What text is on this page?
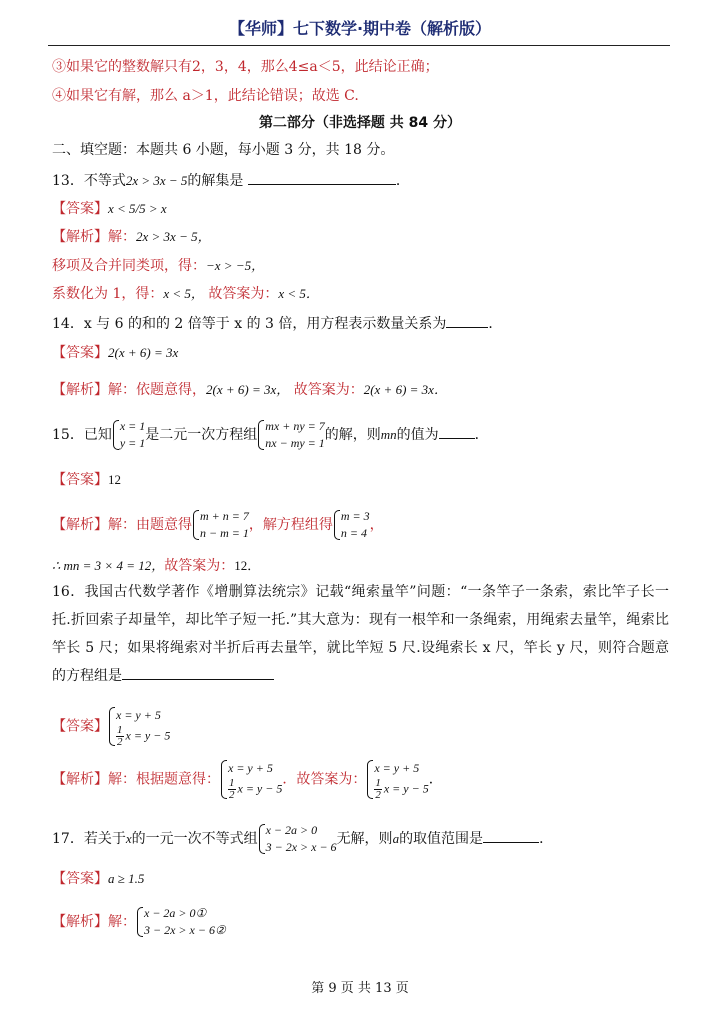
【华师】七下数学·期中卷（解析版）
③如果它的整数解只有2，3，4，那么4≤a＜5，此结论正确；
④如果它有解，那么 a＞1，此结论错误；故选 C.
第二部分（非选择题 共 84 分）
二、填空题：本题共 6 小题，每小题 3 分，共 18 分。
13．不等式2x > 3x − 5的解集是	．
【答案】x < 5/5 > x
【解析】解：2x > 3x − 5，
移项及合并同类项，得：−x > −5，
系数化为 1，得：x < 5， 故答案为：x < 5．
14．x 与 6 的和的 2 倍等于 x 的 3 倍，用方程表示数量关系为	．
【答案】2(x + 6) = 3x
【解析】解：依题意得，2(x + 6) = 3x， 故答案为：2(x + 6) = 3x．
15．已知
x = 1
y = 1 是二元一次方程组
mx + ny = 7
nx − my = 1 的解，则mn的值为	．
【答案】12
【解析】解：由题意得
m + n = 7
n − m = 1 ，解方程组得
m = 3
n = 4 ，
∴ mn = 3 × 4 = 12，故答案为：12．
16．我国古代数学著作《增删算法统宗》记载“绳索量竿”问题：“一条竿子一条索，索比竿子长一托.折回索子却量竿，却比竿子短一托.”其大意为：现有一根竿和一条绳索，用绳索去量竿，绳索比竿长 5 尺；如果将绳索对半折后再去量竿，就比竿短 5 尺.设绳索长 x 尺，竿长 y 尺，则符合题意的方程组是
【答案】
x = y + 5
$\frac{1}{2}$ x = y − 5
【解析】解：根据题意得：
x = y + 5
$\frac{1}{2}$ x = y − 5
．故答案为：
x = y + 5
$\frac{1}{2}$ x = y − 5
．
17．若关于x的一元一次不等式组
x − 2a > 0
3 − 2x > x − 6 无解，则a的取值范围是	．
【答案】a ≥ 1.5
【解析】解：
x − 2a > 0①
3 − 2x > x − 6②
第 9 页 共 13 页
